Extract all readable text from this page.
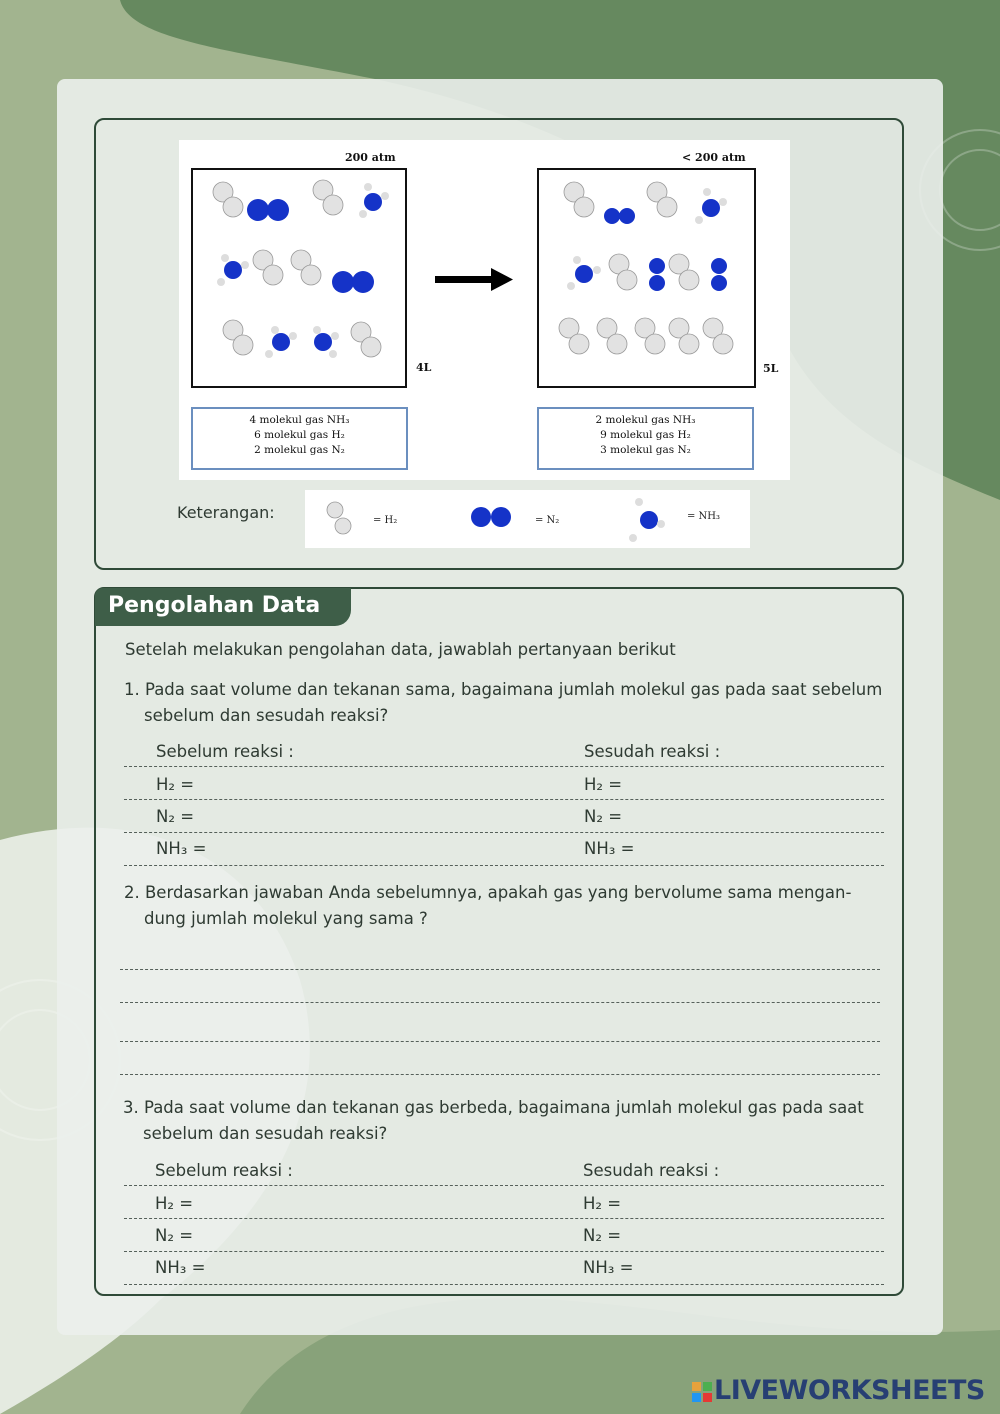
200 atm	< 200 atm
4L	5L
4 molekul gas NH₃
6 molekul gas H₂
2 molekul gas N₂
2 molekul gas NH₃
9 molekul gas H₂
3 molekul gas N₂
Keterangan:	= H₂	= N₂	= NH₃
Pengolahan Data
Setelah melakukan pengolahan data, jawablah pertanyaan berikut
1. Pada saat volume dan tekanan sama, bagaimana jumlah molekul gas pada saat sebelum
sebelum dan sesudah reaksi?
Sebelum reaksi :	Sesudah reaksi :
H₂ =	H₂ =
N₂ =	N₂ =
NH₃ =	NH₃ =
2. Berdasarkan jawaban Anda sebelumnya, apakah gas yang bervolume sama mengan-
dung jumlah molekul yang sama ?
3. Pada saat volume dan tekanan gas berbeda, bagaimana jumlah molekul gas pada saat
sebelum dan sesudah reaksi?
Sebelum reaksi :	Sesudah reaksi :
H₂ =	H₂ =
N₂ =	N₂ =
NH₃ =	NH₃ =
LIVEWORKSHEETS
